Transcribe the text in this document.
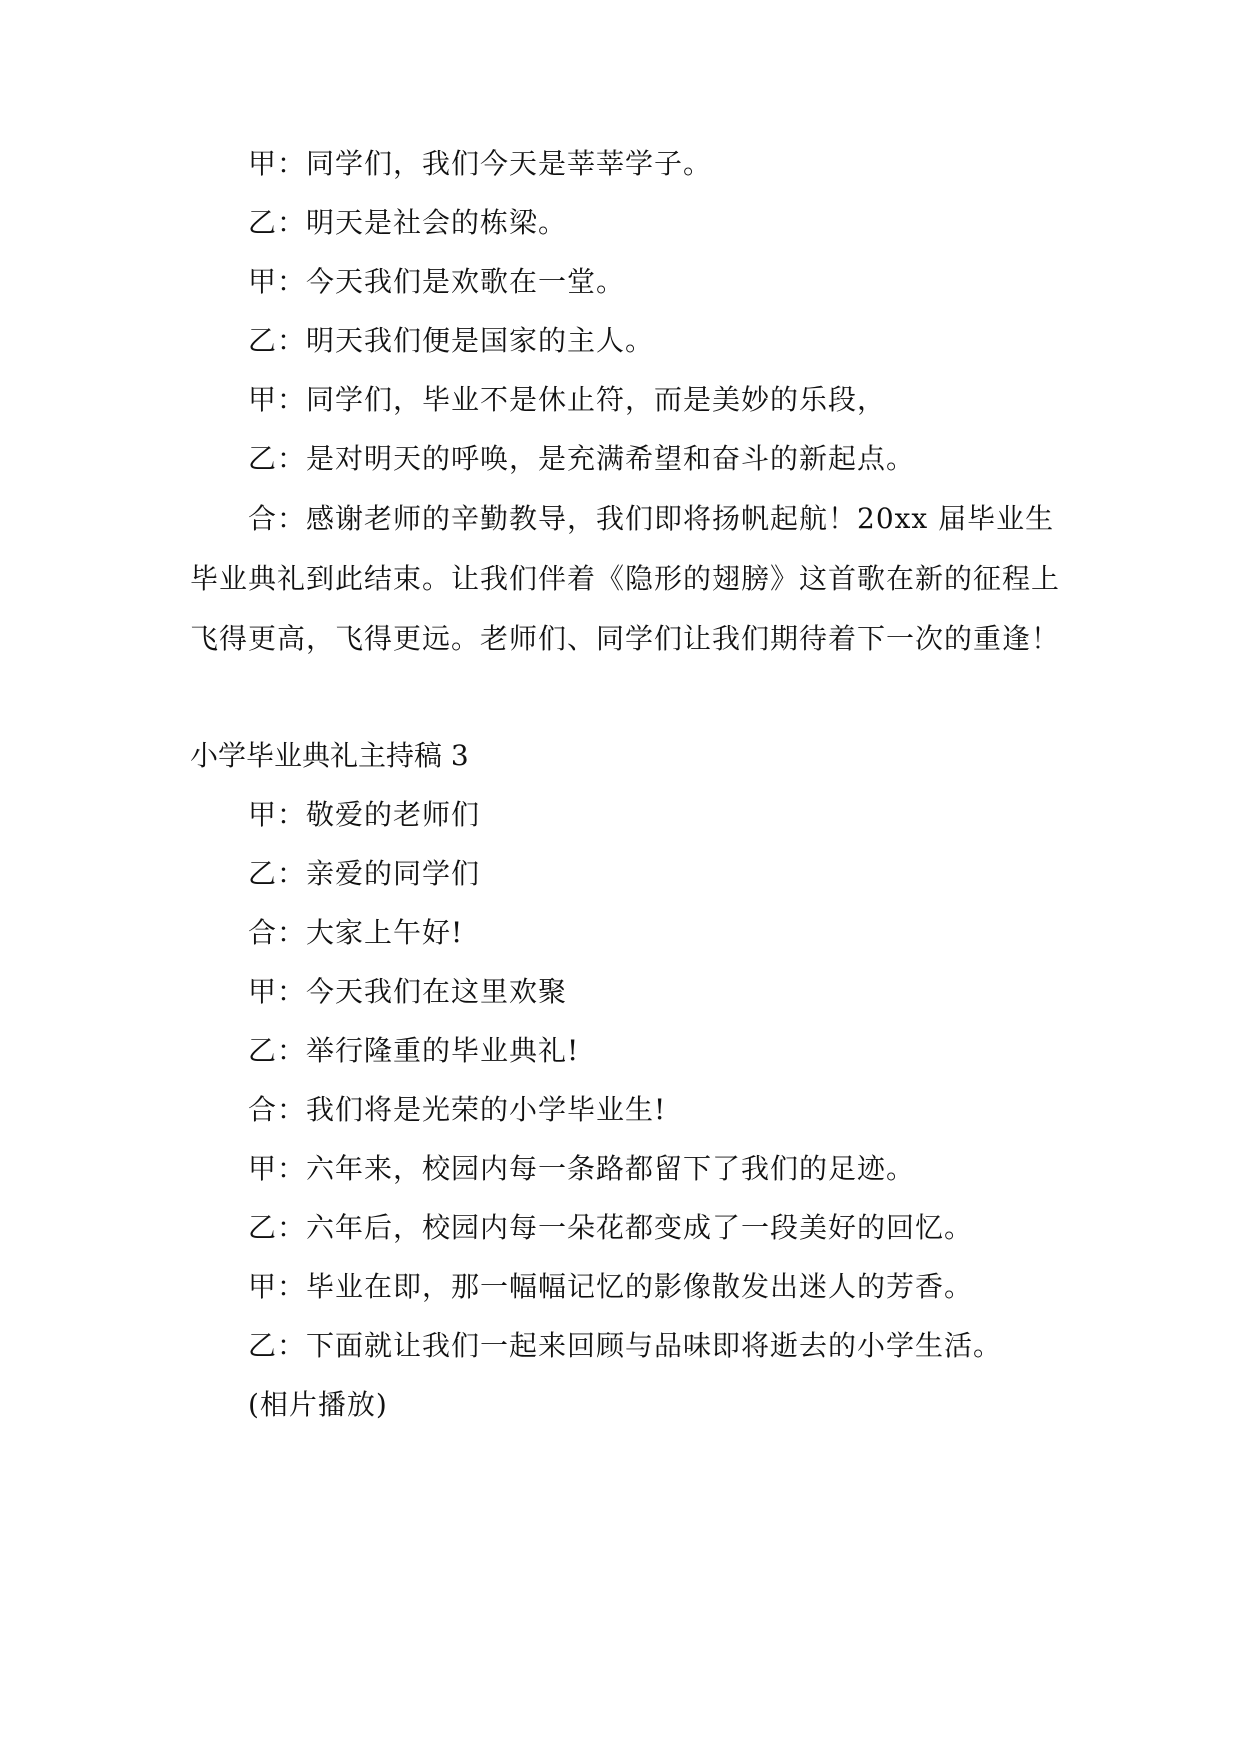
甲：同学们，我们今天是莘莘学子。
乙：明天是社会的栋梁。
甲：今天我们是欢歌在一堂。
乙：明天我们便是国家的主人。
甲：同学们，毕业不是休止符，而是美妙的乐段，
乙：是对明天的呼唤，是充满希望和奋斗的新起点。
合：感谢老师的辛勤教导，我们即将扬帆起航！20xx 届毕业生
毕业典礼到此结束。让我们伴着《隐形的翅膀》这首歌在新的征程上
飞得更高，飞得更远。老师们、同学们让我们期待着下一次的重逢！
小学毕业典礼主持稿 3
甲：敬爱的老师们
乙：亲爱的同学们
合：大家上午好!
甲：今天我们在这里欢聚
乙：举行隆重的毕业典礼!
合：我们将是光荣的小学毕业生!
甲：六年来，校园内每一条路都留下了我们的足迹。
乙：六年后，校园内每一朵花都变成了一段美好的回忆。
甲：毕业在即，那一幅幅记忆的影像散发出迷人的芳香。
乙：下面就让我们一起来回顾与品味即将逝去的小学生活。
(相片播放)
